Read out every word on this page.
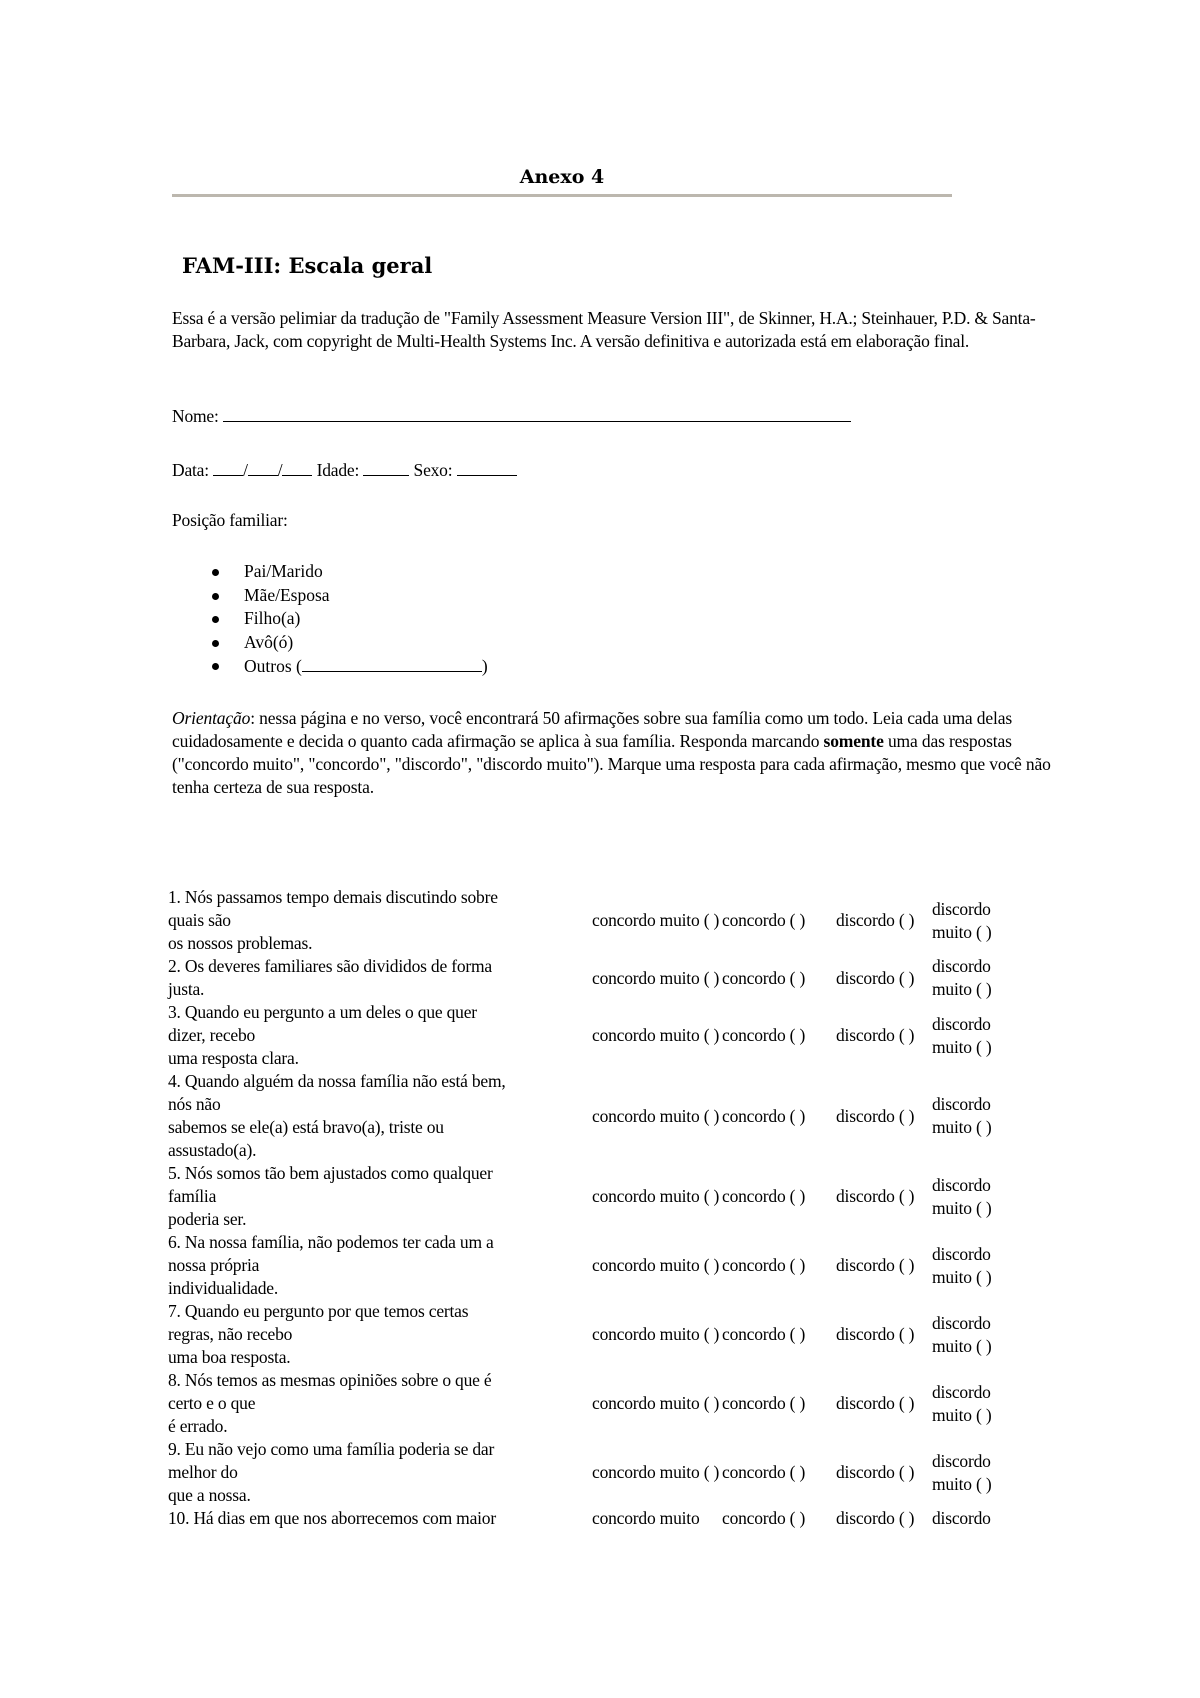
Anexo 4
FAM-III: Escala geral
Essa é a versão pelimiar da tradução de "Family Assessment Measure Version III", de Skinner, H.A.; Steinhauer, P.D. & Santa-Barbara, Jack, com copyright de Multi-Health Systems Inc. A versão definitiva e autorizada está em elaboração final.
Nome:
Data: / / Idade:	Sexo:
Posição familiar:
Pai/Marido
Mãe/Esposa
Filho(a)
Avô(ó)
Outros (	)
Orientação: nessa página e no verso, você encontrará 50 afirmações sobre sua família como um todo. Leia cada uma delas cuidadosamente e decida o quanto cada afirmação se aplica à sua família. Responda marcando somente uma das respostas ("concordo muito", "concordo", "discordo", "discordo muito"). Marque uma resposta para cada afirmação, mesmo que você não tenha certeza de sua resposta.
1. Nós passamos tempo demais discutindo sobre
quais são
os nossos problemas.	concordo muito ( )	concordo ( )	discordo ( )	discordo muito ( )

2. Os deveres familiares são divididos de forma
justa.	concordo muito ( )	concordo ( )	discordo ( )	discordo muito ( )

3. Quando eu pergunto a um deles o que quer
dizer, recebo
uma resposta clara.	concordo muito ( )	concordo ( )	discordo ( )	discordo muito ( )

4. Quando alguém da nossa família não está bem,
nós não
sabemos se ele(a) está bravo(a), triste ou
assustado(a).	concordo muito ( )	concordo ( )	discordo ( )	discordo muito ( )

5. Nós somos tão bem ajustados como qualquer
família
poderia ser.	concordo muito ( )	concordo ( )	discordo ( )	discordo muito ( )

6. Na nossa família, não podemos ter cada um a
nossa própria
individualidade.	concordo muito ( )	concordo ( )	discordo ( )	discordo muito ( )

7. Quando eu pergunto por que temos certas
regras, não recebo
uma boa resposta.	concordo muito ( )	concordo ( )	discordo ( )	discordo muito ( )

8. Nós temos as mesmas opiniões sobre o que é
certo e o que
é errado.	concordo muito ( )	concordo ( )	discordo ( )	discordo muito ( )

9. Eu não vejo como uma família poderia se dar
melhor do
que a nossa.	concordo muito ( )	concordo ( )	discordo ( )	discordo muito ( )

10. Há dias em que nos aborrecemos com maior	concordo muito	concordo ( )	discordo ( )	discordo
